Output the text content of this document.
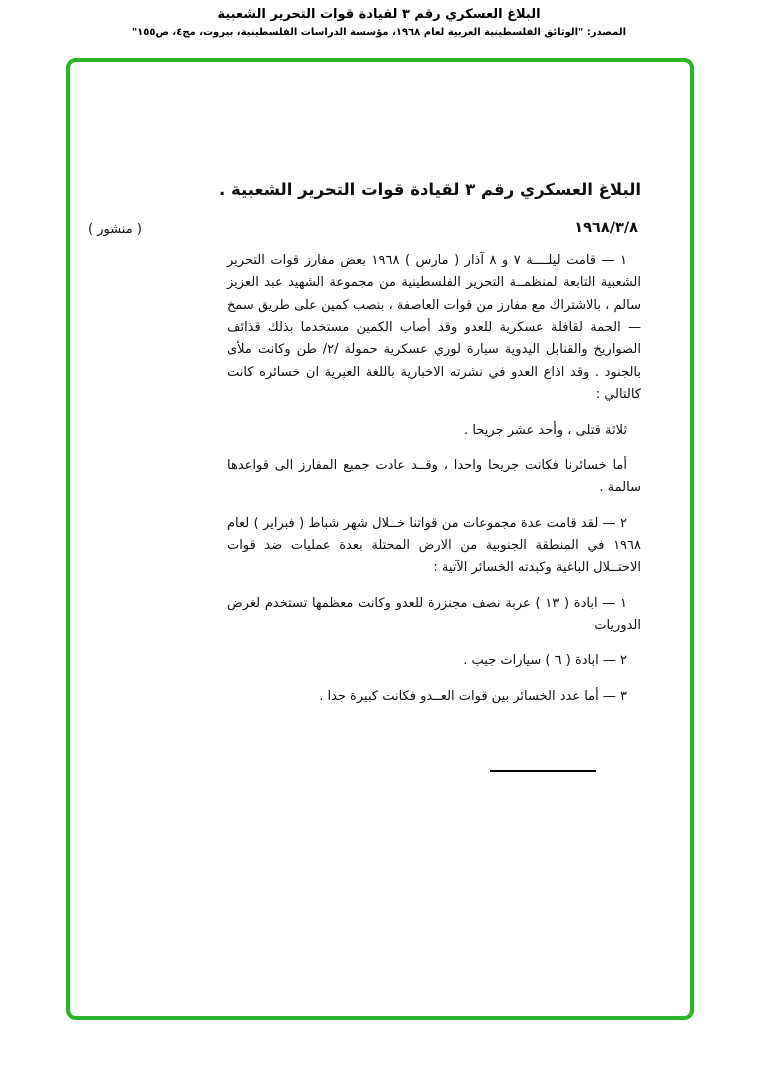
البلاغ العسكري رقم ٣ لقيادة قوات التحرير الشعبية
المصدر: "الوثائق الفلسطينية العربية لعام ١٩٦٨، مؤسسة الدراسات الفلسطينية، بيروت، مج٤، ص١٥٥"
البلاغ العسكري رقم ٣ لقيادة قوات التحرير الشعبية .
١٩٦٨/٣/٨
( منشور )

١ — قامت ليلــــة ٧ و ٨ آذار ( مارس ) ١٩٦٨ بعض مفارز قوات التحرير الشعبية التابعة لمنظمــة التحرير الفلسطينية من مجموعة الشهيد عبد العزيز سالم ، بالاشتراك مع مفارز من قوات العاصفة ، بنصب كمين على طريق سمخ — الحمة لقافلة عسكرية للعدو وقد أصاب الكمين مستخدما بذلك قذائف الصواريخ والقنابل اليدوية سيارة لوري عسكرية حمولة /٢/ طن وكانت ملأى بالجنود . وقد اذاع العدو في نشرته الاخبارية باللغة العبرية ان خسائره كانت كالتالي :

ثلاثة قتلى ، وأحد عشر جريحا .

أما خسائرنا فكانت جريحا واحدا ، وقــد عادت جميع المفارز الى قواعدها سالمة .

٢ — لقد قامت عدة مجموعات من قواتنا خــلال شهر شباط ( فبراير ) لعام ١٩٦٨ في المنطقة الجنوبية من الارض المحتلة بعدة عمليات ضد قوات الاحتــلال الباغية وكبدته الخسائر الآتية :

١ — ابادة ( ١٣ ) عربة نصف مجنزرة للعدو وكانت معظمها تستخدم لغرض الدوريات

٢ — ابادة ( ٦ ) سيارات جيب .

٣ — أما عدد الخسائر بين قوات العــدو فكانت كبيرة جدا .
